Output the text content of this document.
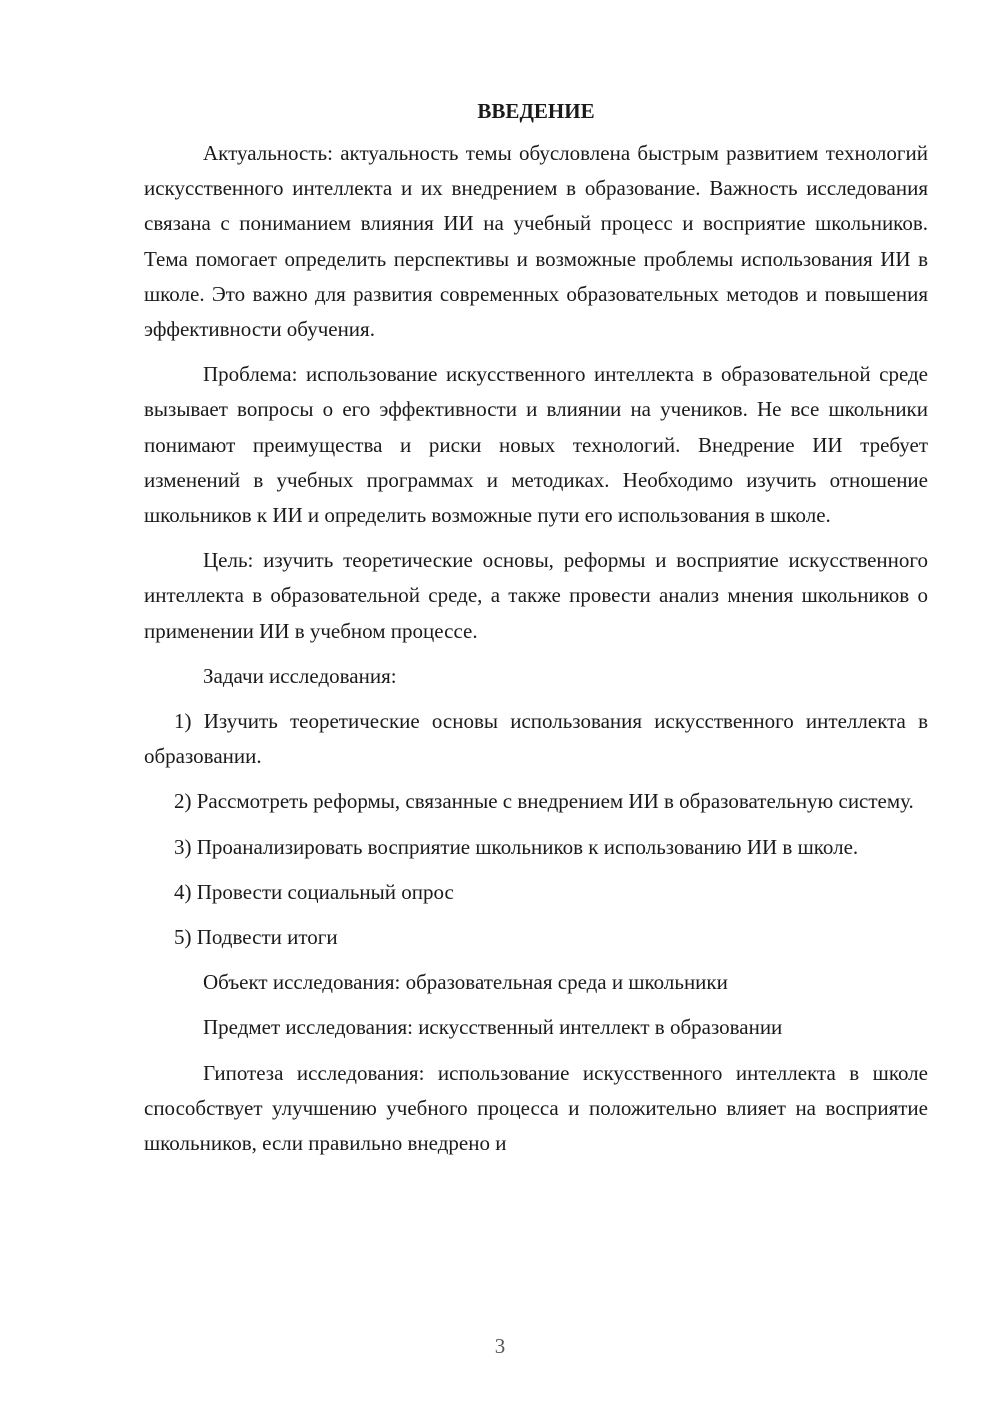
ВВЕДЕНИЕ

Актуальность: актуальность темы обусловлена быстрым развитием технологий искусственного интеллекта и их внедрением в образование. Важность исследования связана с пониманием влияния ИИ на учебный процесс и восприятие школьников. Тема помогает определить перспективы и возможные проблемы использования ИИ в школе. Это важно для развития современных образовательных методов и повышения эффективности обучения.

Проблема: использование искусственного интеллекта в образовательной среде вызывает вопросы о его эффективности и влиянии на учеников. Не все школьники понимают преимущества и риски новых технологий. Внедрение ИИ требует изменений в учебных программах и методиках. Необходимо изучить отношение школьников к ИИ и определить возможные пути его использования в школе.

Цель: изучить теоретические основы, реформы и восприятие искусственного интеллекта в образовательной среде, а также провести анализ мнения школьников о применении ИИ в учебном процессе.

Задачи исследования:

1) Изучить теоретические основы использования искусственного интеллекта в образовании.

2) Рассмотреть реформы, связанные с внедрением ИИ в образовательную систему.

3) Проанализировать восприятие школьников к использованию ИИ в школе.

4) Провести социальный опрос

5) Подвести итоги

Объект исследования: образовательная среда и школьники

Предмет исследования: искусственный интеллект в образовании

Гипотеза исследования: использование искусственного интеллекта в школе способствует улучшению учебного процесса и положительно влияет на восприятие школьников, если правильно внедрено и

3
